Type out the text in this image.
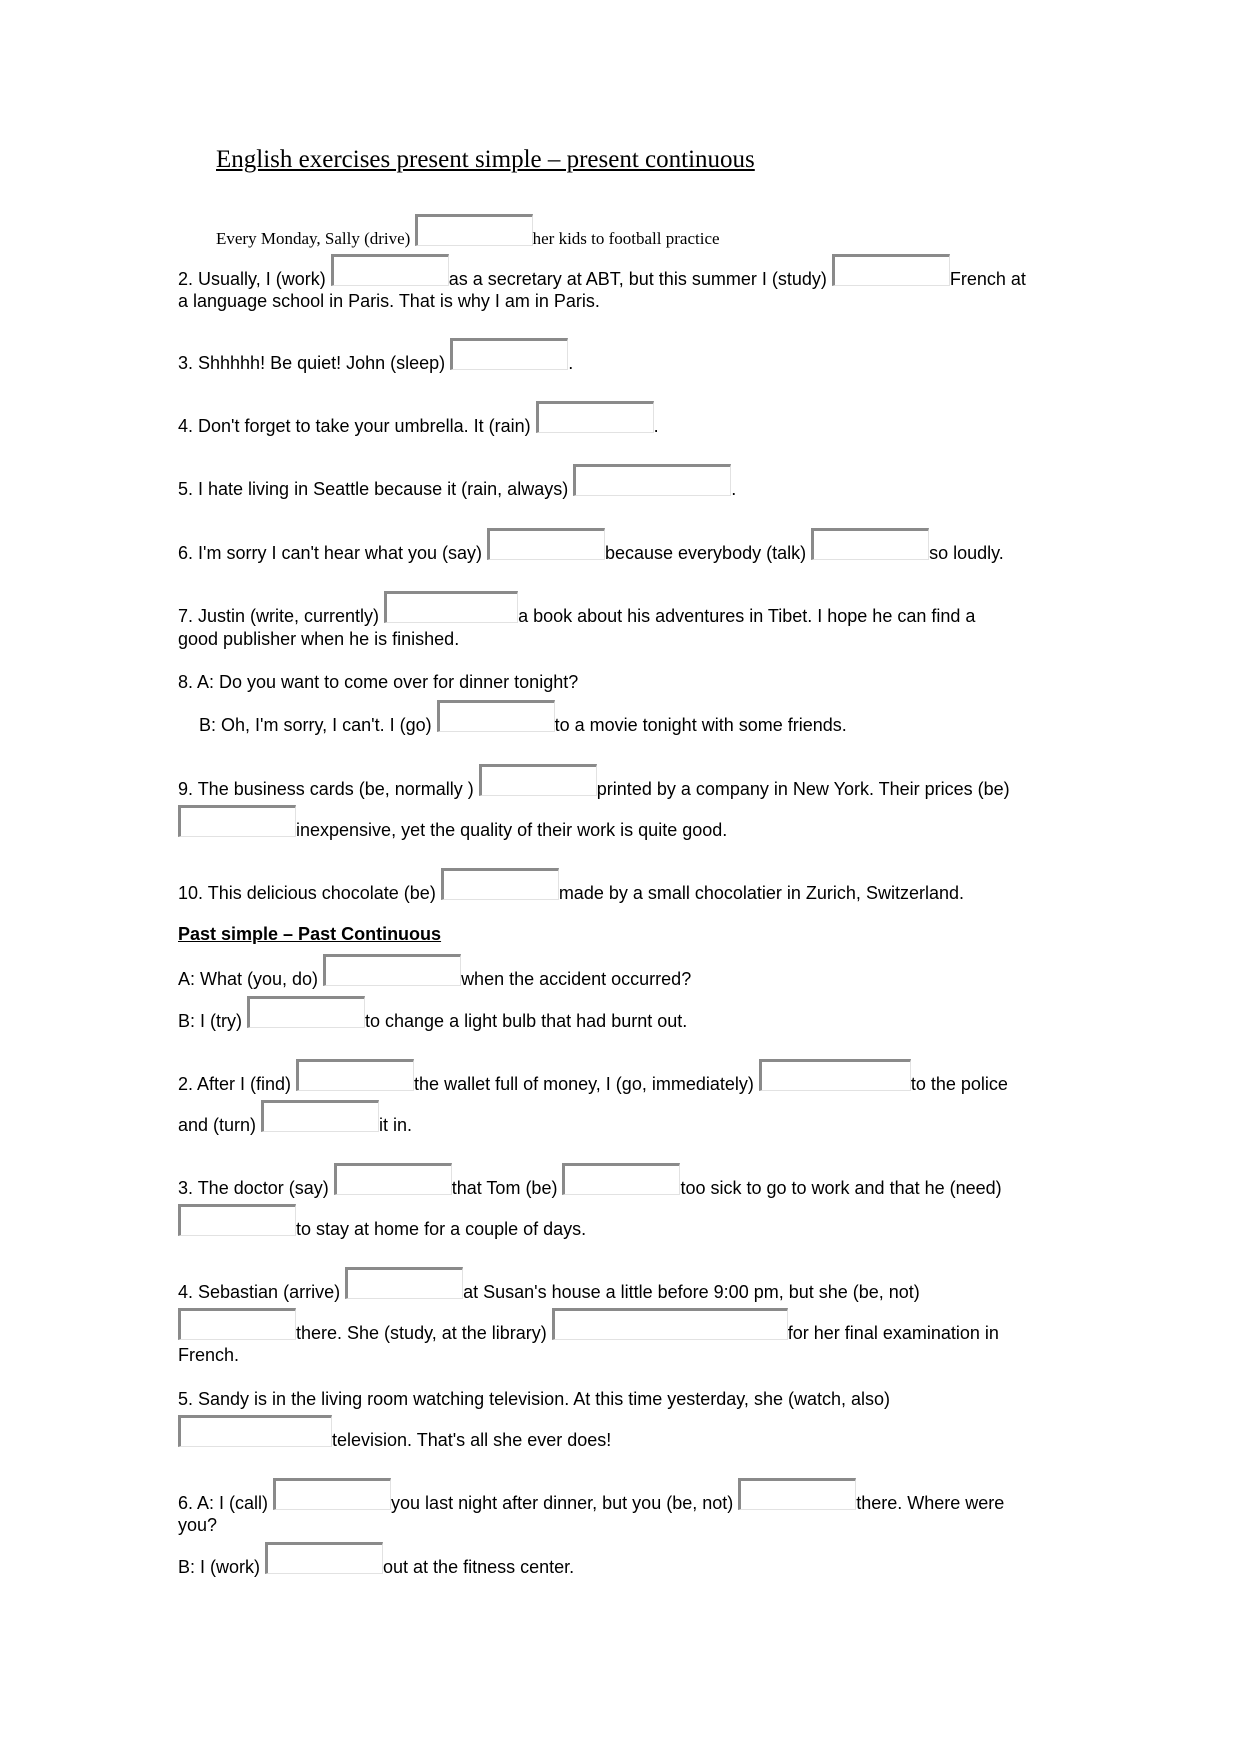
English exercises present simple – present continuous
Every Monday, Sally (drive)	her kids to football practice
2. Usually, I (work)	as a secretary at ABT, but this summer I (study)	French at
a language school in Paris. That is why I am in Paris.
3. Shhhhh! Be quiet! John (sleep)	.
4. Don't forget to take your umbrella. It (rain)	.
5. I hate living in Seattle because it (rain, always)	.
6. I'm sorry I can't hear what you (say)	because everybody (talk)	so loudly.
7. Justin (write, currently)	a book about his adventures in Tibet. I hope he can find a
good publisher when he is finished.
8. A: Do you want to come over for dinner tonight?
B: Oh, I'm sorry, I can't. I (go)	to a movie tonight with some friends.
9. The business cards (be, normally )	printed by a company in New York. Their prices (be)
inexpensive, yet the quality of their work is quite good.
10. This delicious chocolate (be)	made by a small chocolatier in Zurich, Switzerland.
Past simple – Past Continuous
A: What (you, do)	when the accident occurred?
B: I (try)	to change a light bulb that had burnt out.
2. After I (find)	the wallet full of money, I (go, immediately)	to the police
and (turn)	it in.
3. The doctor (say)	that Tom (be)	too sick to go to work and that he (need)
to stay at home for a couple of days.
4. Sebastian (arrive)	at Susan's house a little before 9:00 pm, but she (be, not)
there. She (study, at the library)	for her final examination in
French.
5. Sandy is in the living room watching television. At this time yesterday, she (watch, also)
television. That's all she ever does!
6. A: I (call)	you last night after dinner, but you (be, not)	there. Where were
you?
B: I (work)	out at the fitness center.
